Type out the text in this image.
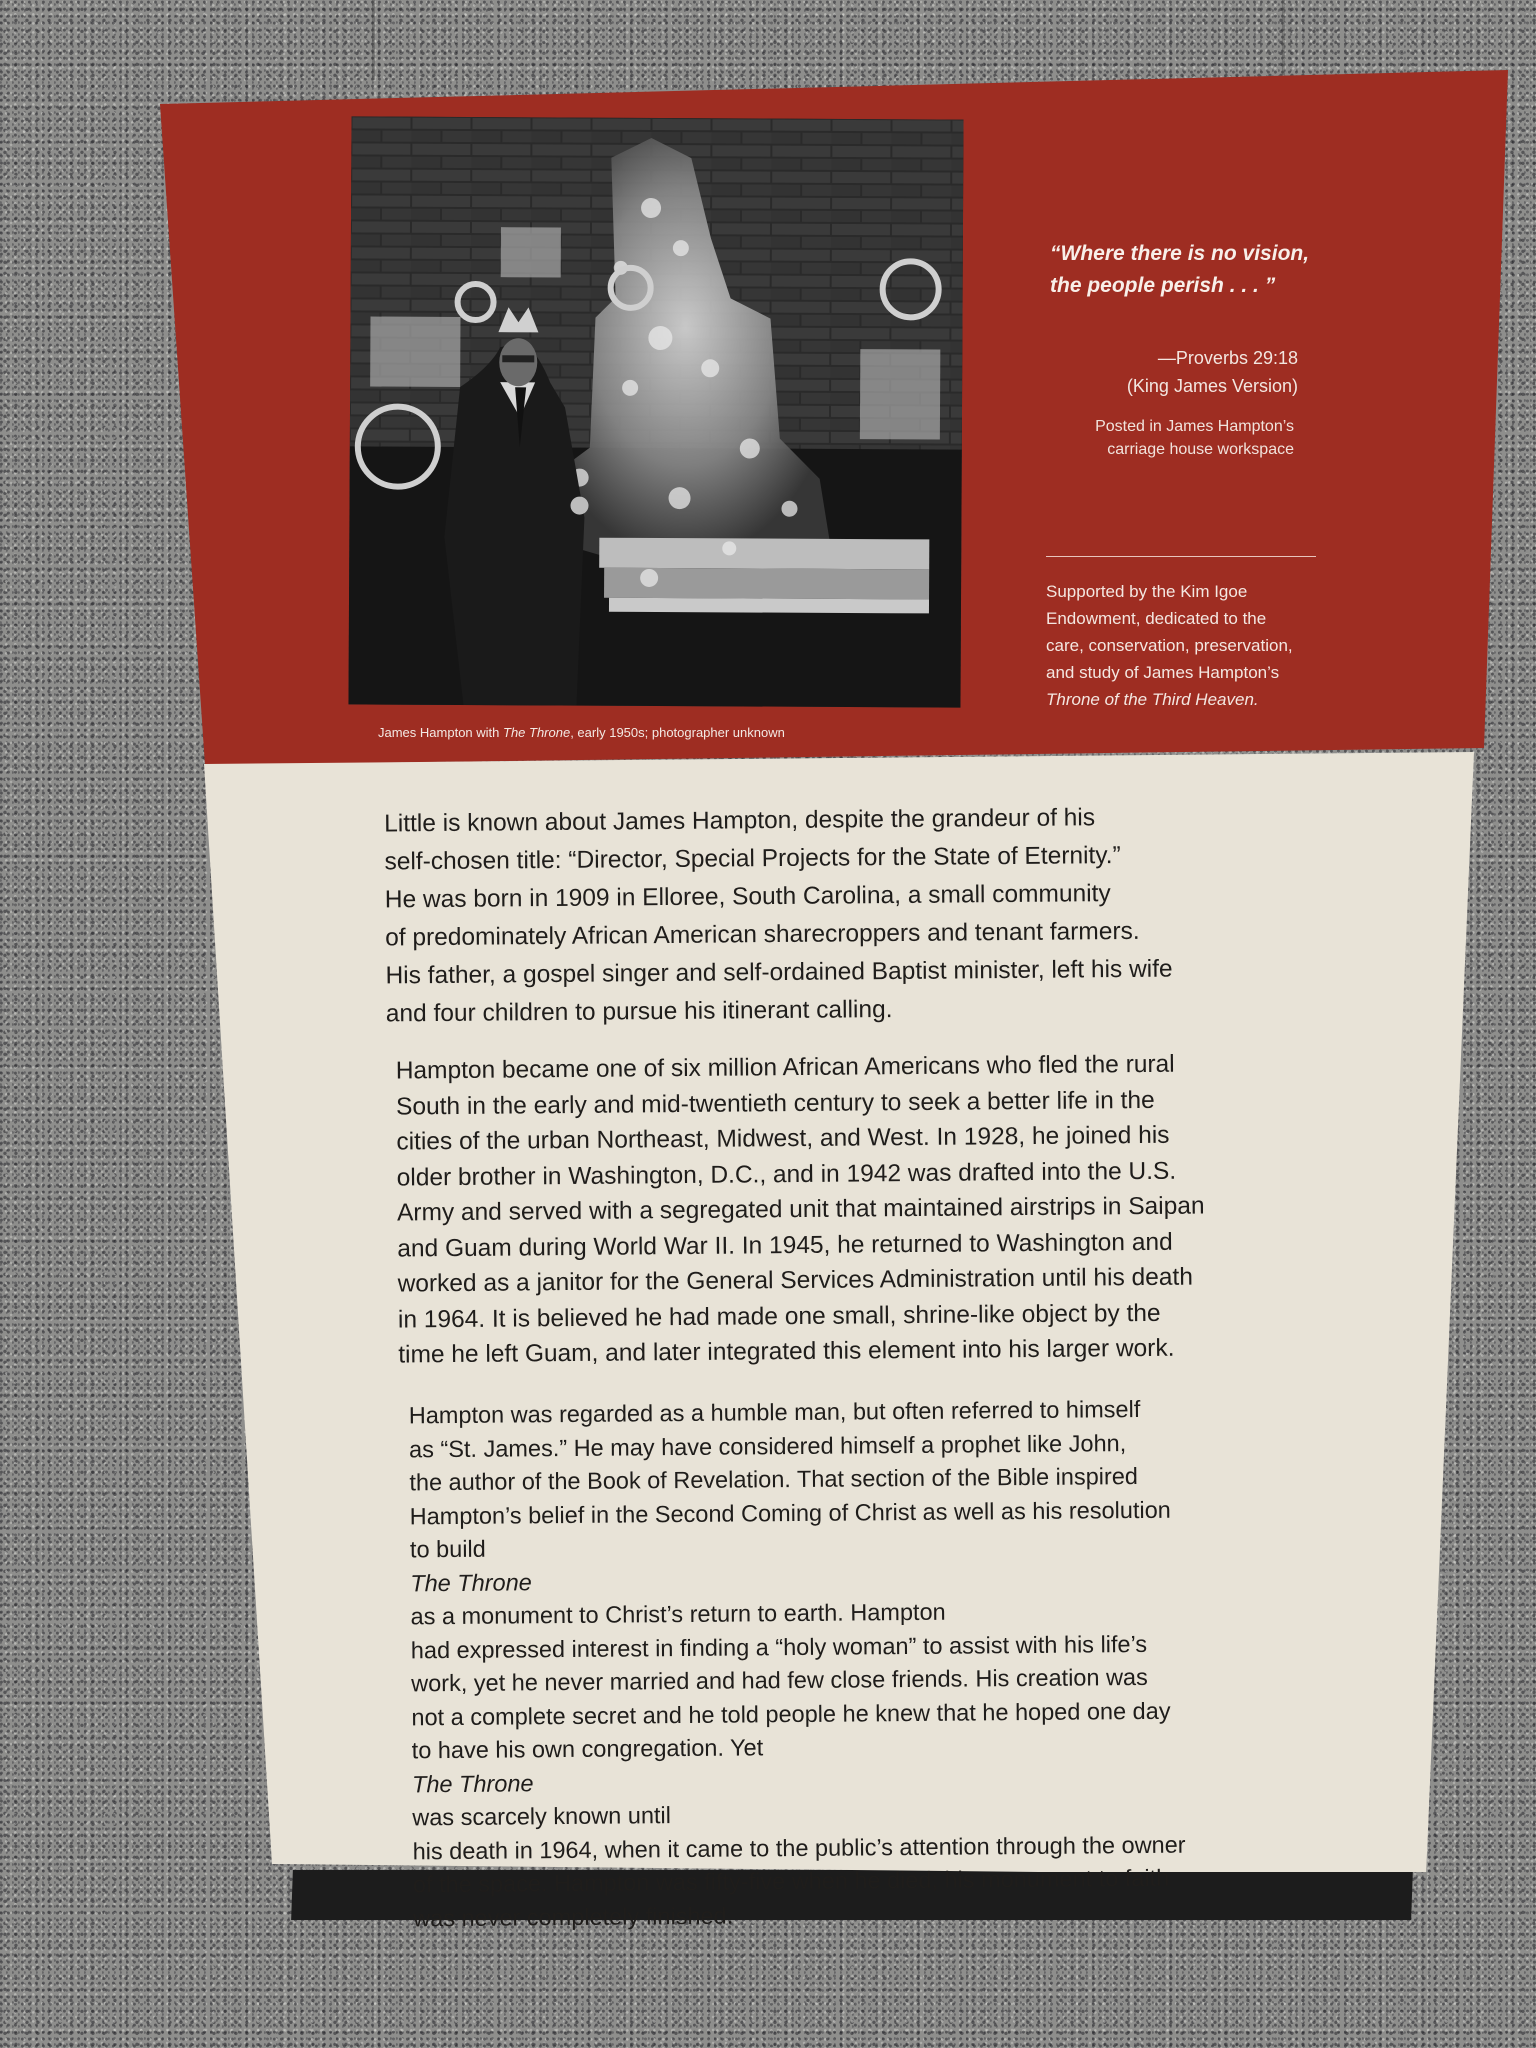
James Hampton with The Throne, early 1950s; photographer unknown
“Where there is no vision,
the people perish . . . ”
—Proverbs 29:18
(King James Version)
Posted in James Hampton’s
carriage house workspace
Supported by the Kim Igoe
Endowment, dedicated to the
care, conservation, preservation,
and study of James Hampton’s
Throne of the Third Heaven.
Little is known about James Hampton, despite the grandeur of his
self-chosen title: “Director, Special Projects for the State of Eternity.”
He was born in 1909 in Elloree, South Carolina, a small community
of predominately African American sharecroppers and tenant farmers.
His father, a gospel singer and self-ordained Baptist minister, left his wife
and four children to pursue his itinerant calling.
Hampton became one of six million African Americans who fled the rural
South in the early and mid-twentieth century to seek a better life in the
cities of the urban Northeast, Midwest, and West. In 1928, he joined his
older brother in Washington, D.C., and in 1942 was drafted into the U.S.
Army and served with a segregated unit that maintained airstrips in Saipan
and Guam during World War II. In 1945, he returned to Washington and
worked as a janitor for the General Services Administration until his death
in 1964. It is believed he had made one small, shrine-like object by the
time he left Guam, and later integrated this element into his larger work.
Hampton was regarded as a humble man, but often referred to himself
as “St. James.” He may have considered himself a prophet like John,
the author of the Book of Revelation. That section of the Bible inspired
Hampton’s belief in the Second Coming of Christ as well as his resolution
to build
The Throne
as a monument to Christ’s return to earth. Hampton
had expressed interest in finding a “holy woman” to assist with his life’s
work, yet he never married and had few close friends. His creation was
not a complete secret and he told people he knew that he hoped one day
to have his own congregation. Yet
The Throne
was scarcely known until
his death in 1964, when it came to the public’s attention through the owner
of the space. Hampton was fifty-five when he died; his monument to faith
was never completely finished.
